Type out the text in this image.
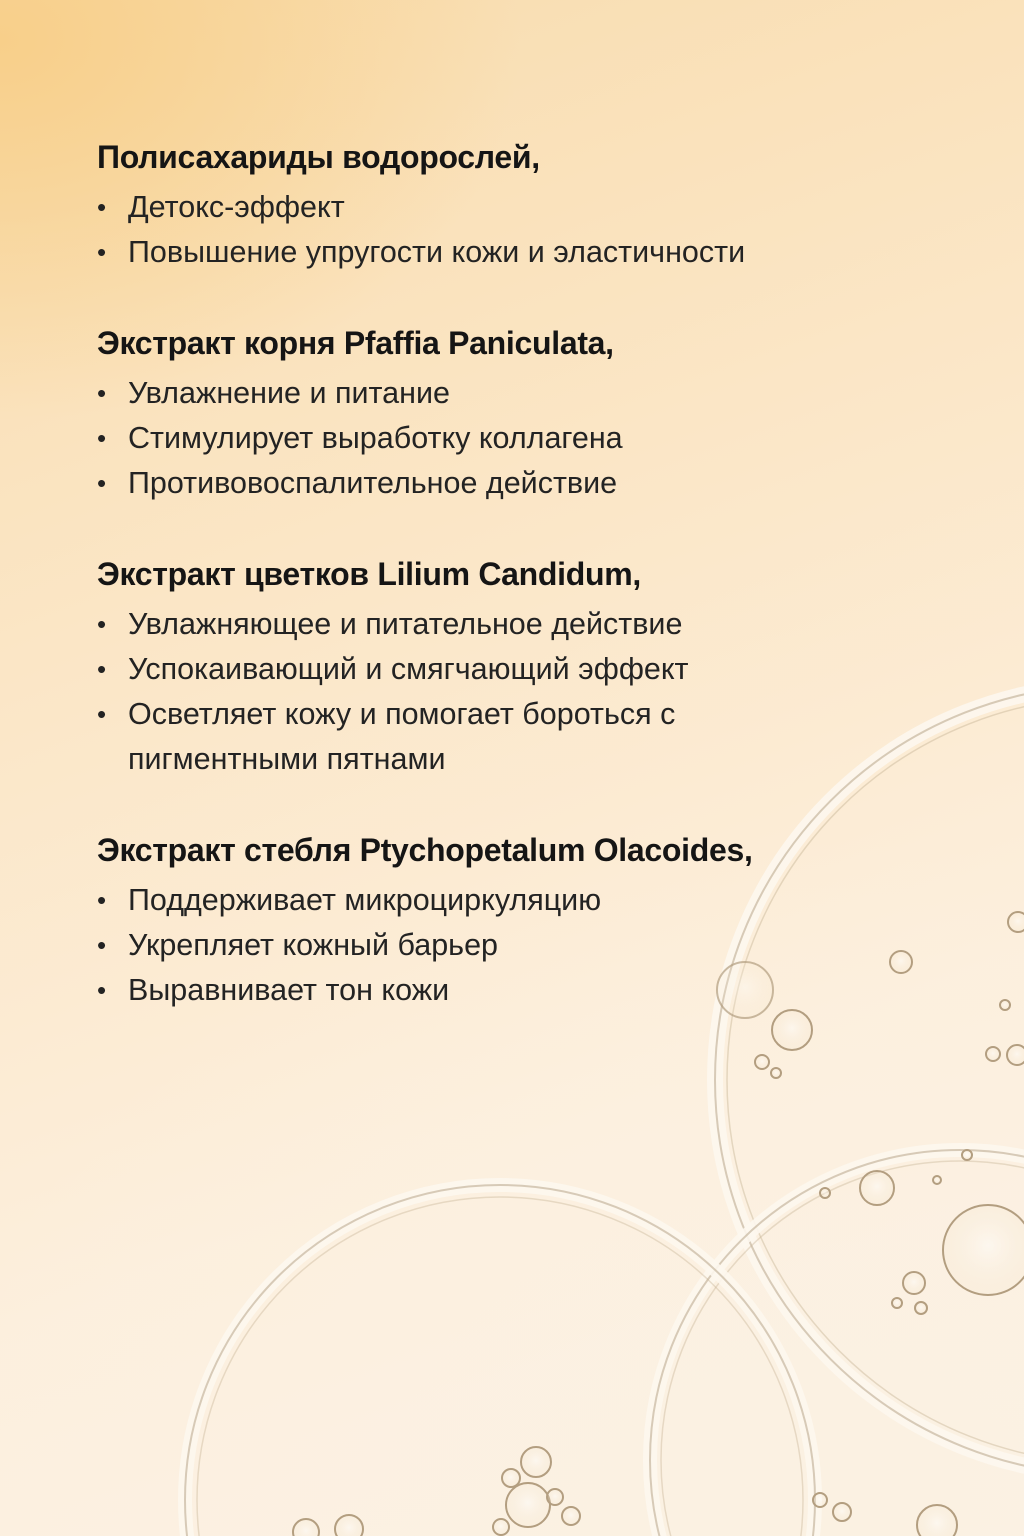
Полисахариды водорослей,
• Детокс-эффект
• Повышение упругости кожи и эластичности
Экстракт корня Pfaffia Paniculata,
• Увлажнение и питание
• Стимулирует выработку коллагена
• Противовоспалительное действие
Экстракт цветков Lilium Candidum,
• Увлажняющее и питательное действие
• Успокаивающий и смягчающий эффект
• Осветляет кожу и помогает бороться с пигментными пятнами
Экстракт стебля Ptychopetalum Olacoides,
• Поддерживает микроциркуляцию
• Укрепляет кожный барьер
• Выравнивает тон кожи
